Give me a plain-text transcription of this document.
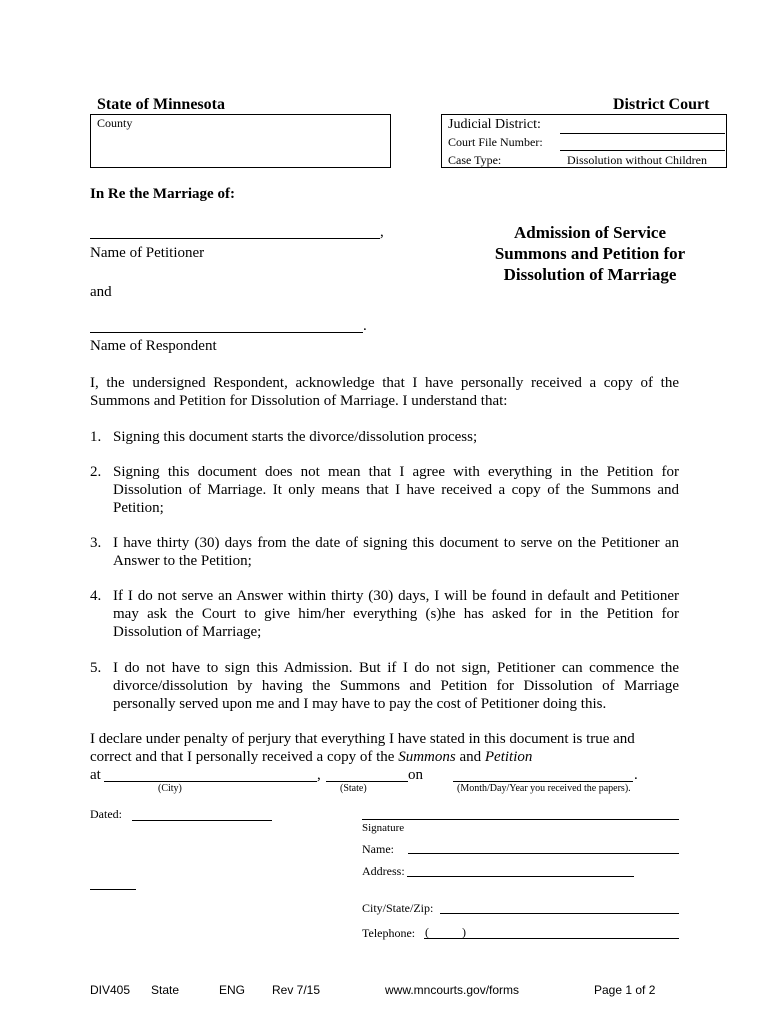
State of Minnesota	District Court
County	Judicial District:
Court File Number:
Case Type:	Dissolution without Children
In Re the Marriage of:
,
Name of Petitioner
and
.
Name of Respondent
Admission of Service
Summons and Petition for
Dissolution of Marriage
I, the undersigned Respondent, acknowledge that I have personally received a copy of the Summons and Petition for Dissolution of Marriage. I understand that:
1. Signing this document starts the divorce/dissolution process;
2. Signing this document does not mean that I agree with everything in the Petition for Dissolution of Marriage. It only means that I have received a copy of the Summons and Petition;
3. I have thirty (30) days from the date of signing this document to serve on the Petitioner an Answer to the Petition;
4. If I do not serve an Answer within thirty (30) days, I will be found in default and Petitioner may ask the Court to give him/her everything (s)he has asked for in the Petition for Dissolution of Marriage;
5. I do not have to sign this Admission. But if I do not sign, Petitioner can commence the divorce/dissolution by having the Summons and Petition for Dissolution of Marriage personally served upon me and I may have to pay the cost of Petitioner doing this.
I declare under penalty of perjury that everything I have stated in this document is true and
correct and that I personally received a copy of the Summons and Petition
at	,	on	.
(City)	(State)	(Month/Day/Year you received the papers).
Dated:
Signature
Name:
Address:
City/State/Zip:
Telephone: (	)
DIV405 State	ENG Rev 7/15	www.mncourts.gov/forms	Page 1 of 2
